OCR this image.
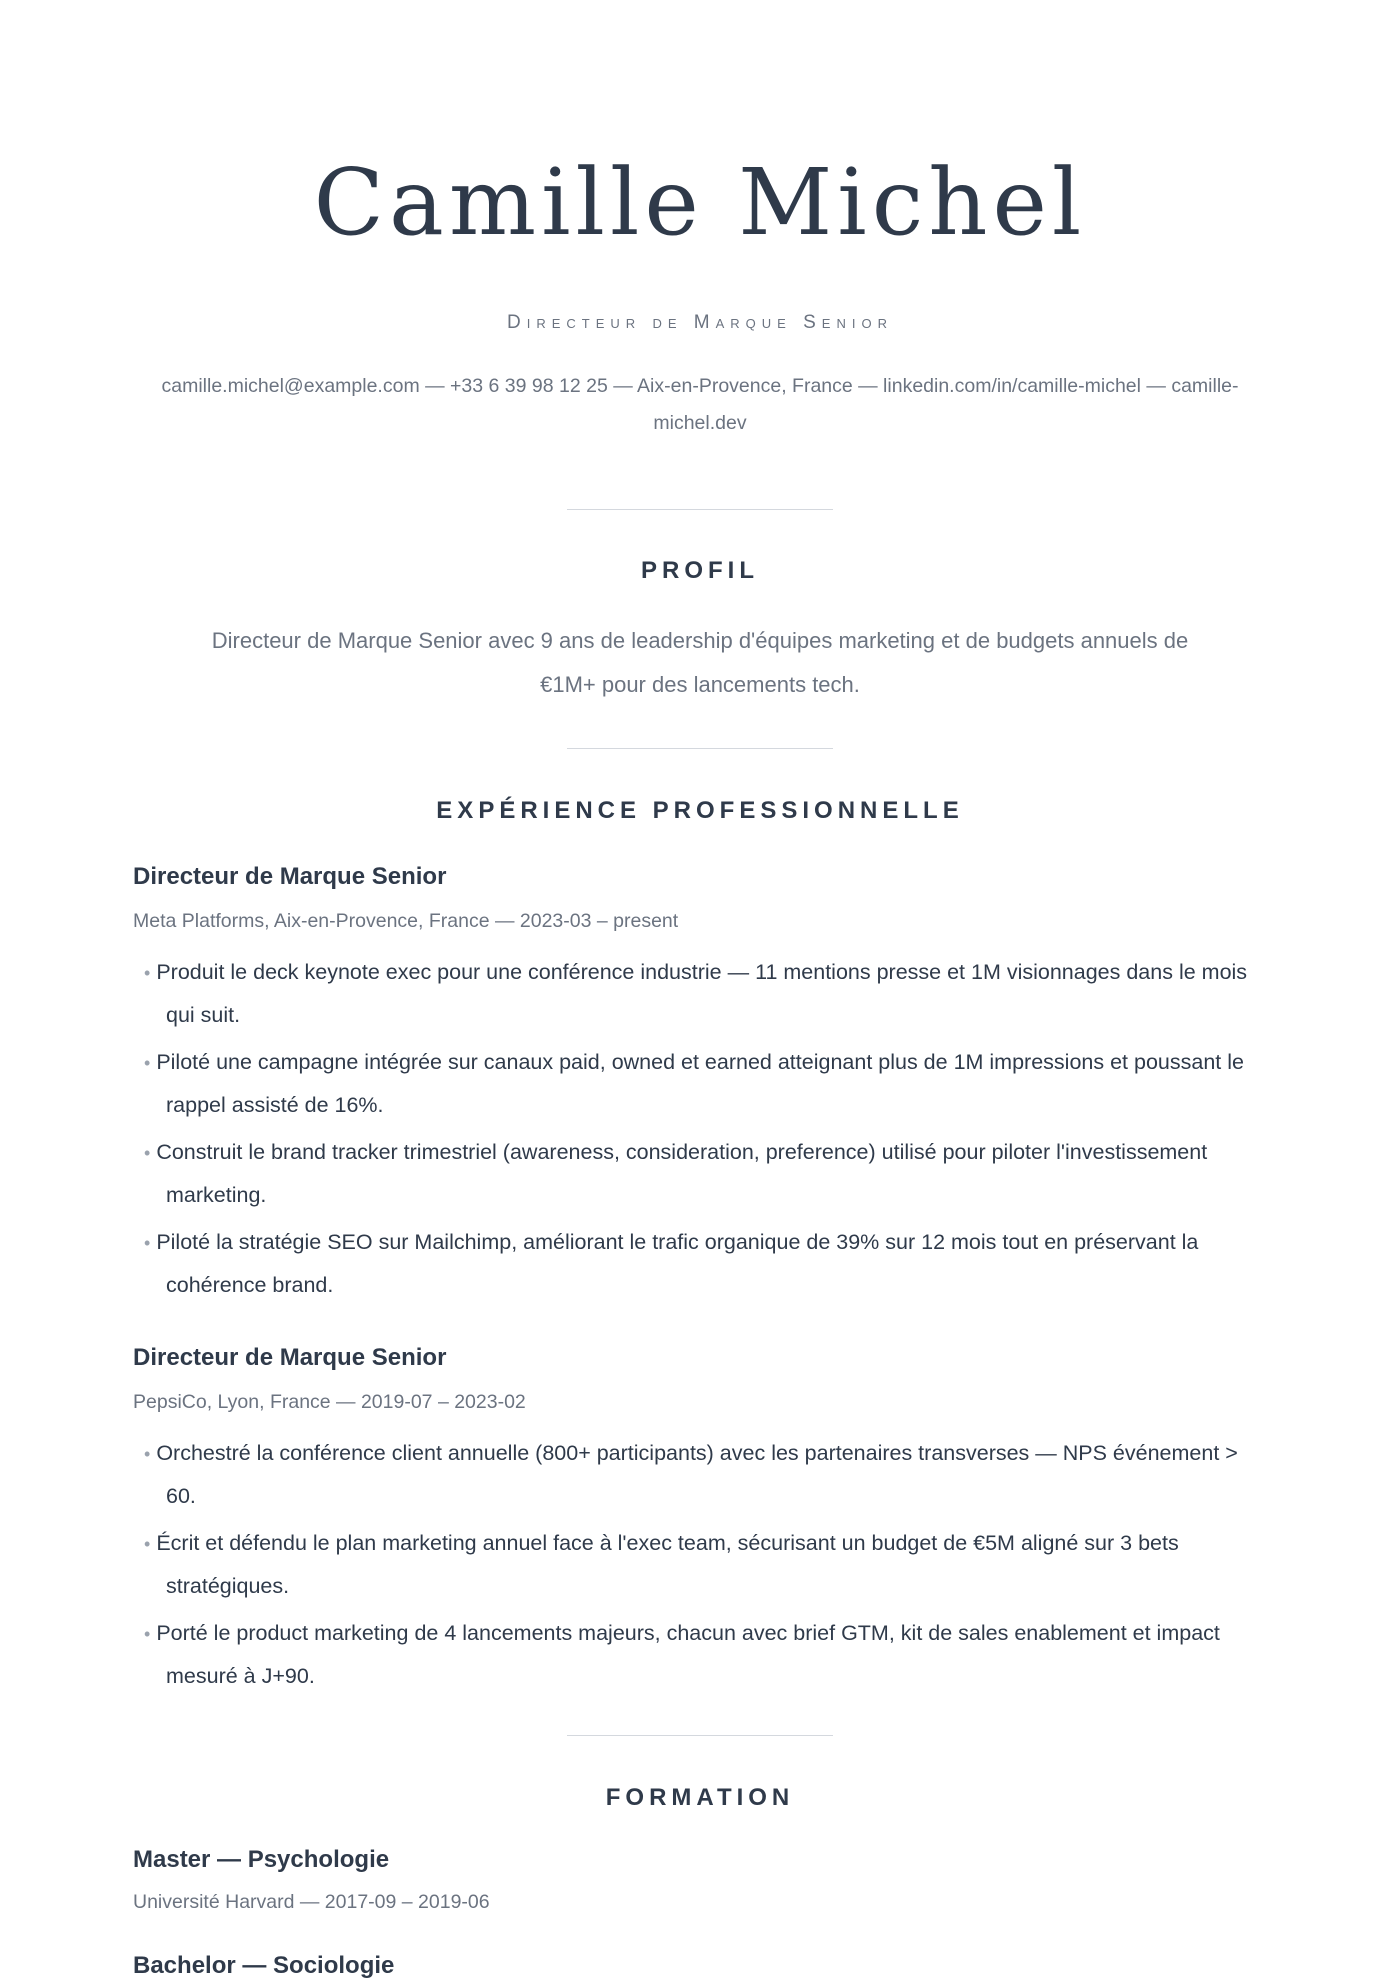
Camille Michel
Directeur de Marque Senior
camille.michel@example.com — +33 6 39 98 12 25 — Aix-en-Provence, France — linkedin.com/in/camille-michel — camille-michel.dev
PROFIL
Directeur de Marque Senior avec 9 ans de leadership d'équipes marketing et de budgets annuels de €1M+ pour des lancements tech.
EXPÉRIENCE PROFESSIONNELLE
Directeur de Marque Senior
Meta Platforms, Aix-en-Provence, France — 2023-03 – present
• Produit le deck keynote exec pour une conférence industrie — 11 mentions presse et 1M visionnages dans le mois qui suit.
• Piloté une campagne intégrée sur canaux paid, owned et earned atteignant plus de 1M impressions et poussant le rappel assisté de 16%.
• Construit le brand tracker trimestriel (awareness, consideration, preference) utilisé pour piloter l'investissement marketing.
• Piloté la stratégie SEO sur Mailchimp, améliorant le trafic organique de 39% sur 12 mois tout en préservant la cohérence brand.
Directeur de Marque Senior
PepsiCo, Lyon, France — 2019-07 – 2023-02
• Orchestré la conférence client annuelle (800+ participants) avec les partenaires transverses — NPS événement > 60.
• Écrit et défendu le plan marketing annuel face à l'exec team, sécurisant un budget de €5M aligné sur 3 bets stratégiques.
• Porté le product marketing de 4 lancements majeurs, chacun avec brief GTM, kit de sales enablement et impact mesuré à J+90.
FORMATION
Master — Psychologie
Université Harvard — 2017-09 – 2019-06
Bachelor — Sociologie
